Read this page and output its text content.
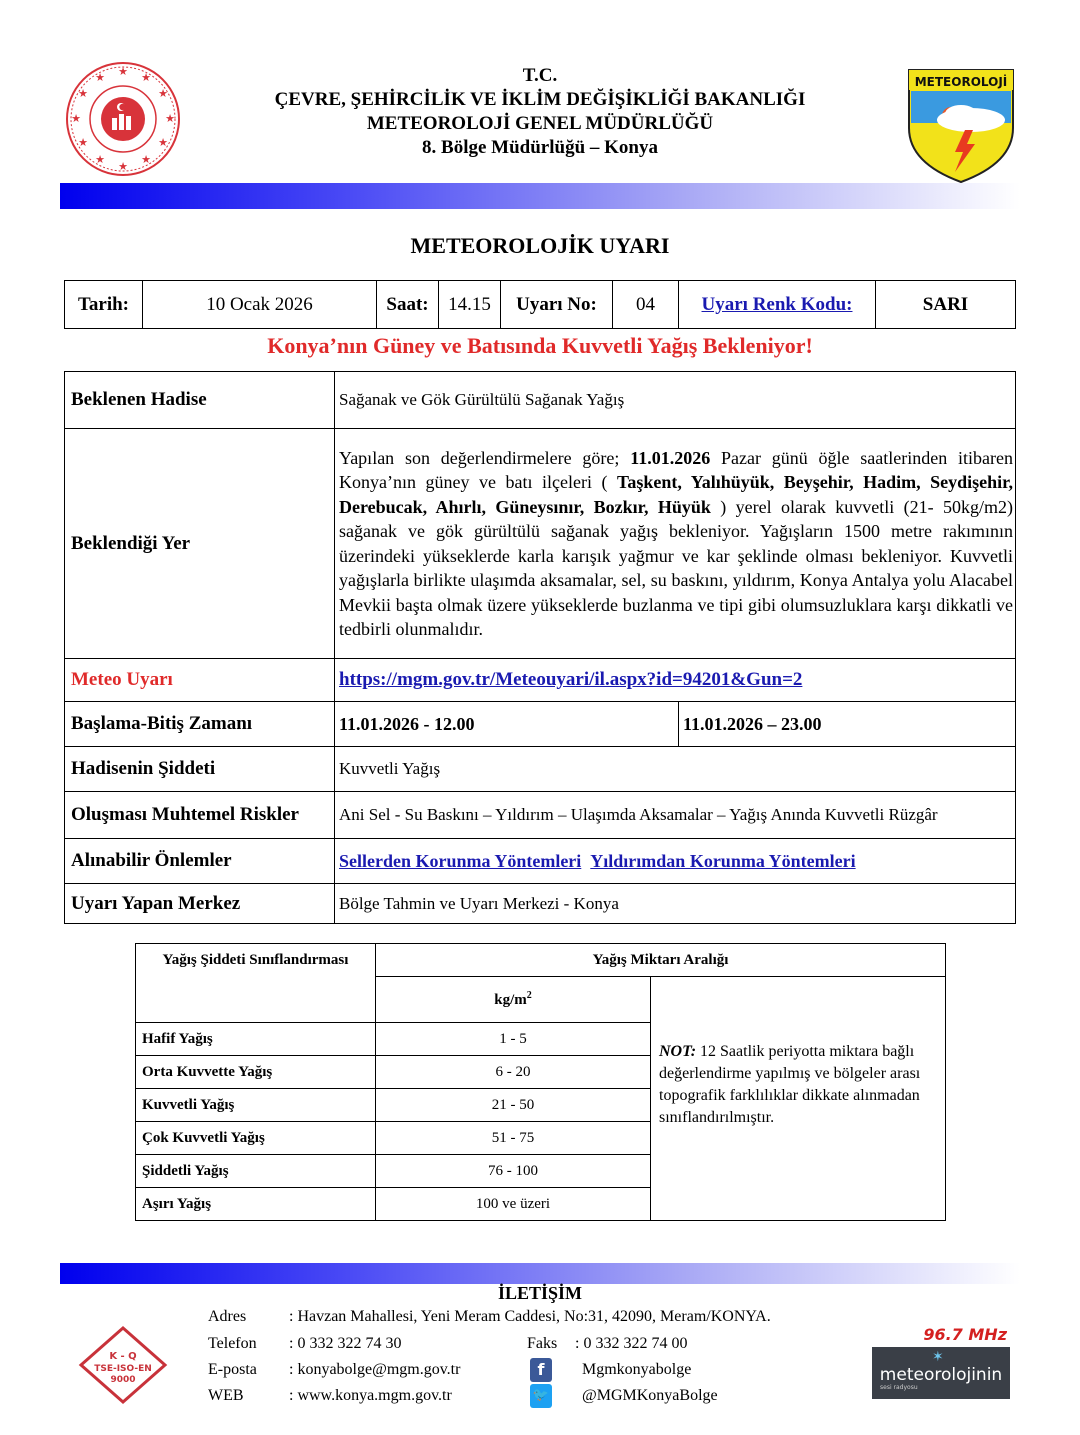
★ ★
★
★
★
★
★
★
★
★
★
★	T.C.
ÇEVRE, ŞEHİRCİLİK VE İKLİM DEĞİŞİKLİĞİ BAKANLIĞI
METEOROLOJİ GENEL MÜDÜRLÜĞÜ
8. Bölge Müdürlüğü – Konya
METEOROLOJİ
METEOROLOJİK UYARI
Tarih:	10 Ocak 2026	Saat:	14.15	Uyarı No:	04	Uyarı Renk Kodu:	SARI
Konya’nın Güney ve Batısında Kuvvetli Yağış Bekleniyor!
Beklenen Hadise	Sağanak ve Gök Gürültülü Sağanak Yağış	
Beklendiği Yer	Yapılan son değerlendirmelere göre; 11.01.2026 Pazar günü öğle saatlerinden itibaren Konya’nın güney ve batı ilçeleri ( Taşkent, Yalıhüyük, Beyşehir, Hadim, Seydişehir, Derebucak, Ahırlı, Güneysınır, Bozkır, Hüyük ) yerel olarak kuvvetli (21- 50kg/m2) sağanak ve gök gürültülü sağanak yağış bekleniyor. Yağışların 1500 metre rakımının üzerindeki yükseklerde karla karışık yağmur ve kar şeklinde olması bekleniyor. Kuvvetli yağışlarla birlikte ulaşımda aksamalar, sel, su baskını, yıldırım, Konya Antalya yolu Alacabel Mevkii başta olmak üzere yükseklerde buzlanma ve tipi gibi olumsuzluklara karşı dikkatli ve tedbirli olunmalıdır.	
Meteo Uyarı	https://mgm.gov.tr/Meteouyari/il.aspx?id=94201&Gun=2	
Başlama-Bitiş Zamanı	11.01.2026 - 12.00	11.01.2026 – 23.00
Hadisenin Şiddeti	Kuvvetli Yağış	
Oluşması Muhtemel Riskler	Ani Sel - Su Baskını – Yıldırım – Ulaşımda Aksamalar – Yağış Anında Kuvvetli Rüzgâr	
Alınabilir Önlemler	Sellerden Korunma Yöntemleri Yıldırımdan Korunma Yöntemleri	
Uyarı Yapan Merkez	Bölge Tahmin ve Uyarı Merkezi - Konya	
Yağış Şiddeti Sınıflandırması	Yağış Miktarı Aralığı	
	$kg/m^2$	NOT: 12 Saatlik periyotta miktara bağlı değerlendirme yapılmış ve bölgeler arası topografik farklılıklar dikkate alınmadan sınıflandırılmıştır.
Hafif Yağış	1 - 5	
Orta Kuvvette Yağış	6 - 20	
Kuvvetli Yağış	21 - 50	
Çok Kuvvetli Yağış	51 - 75	
Şiddetli Yağış	76 - 100	
Aşırı Yağış	100 ve üzeri	
İLETİŞİM
K - Q
TSE-ISO-EN
9000
Adres	: Havzan Mahallesi, Yeni Meram Caddesi, No:31, 42090, Meram/KONYA.
Telefon : 0 332 322 74 30	Faks : 0 332 322 74 00
E-posta : konyabolge@mgm.gov.tr	f	Mgmkonyabolge
WEB	: www.konya.mgm.gov.tr	🐦 @MGMKonyaBolge
96.7 MHz
meteorolojinin
sesi radyosu
✶
